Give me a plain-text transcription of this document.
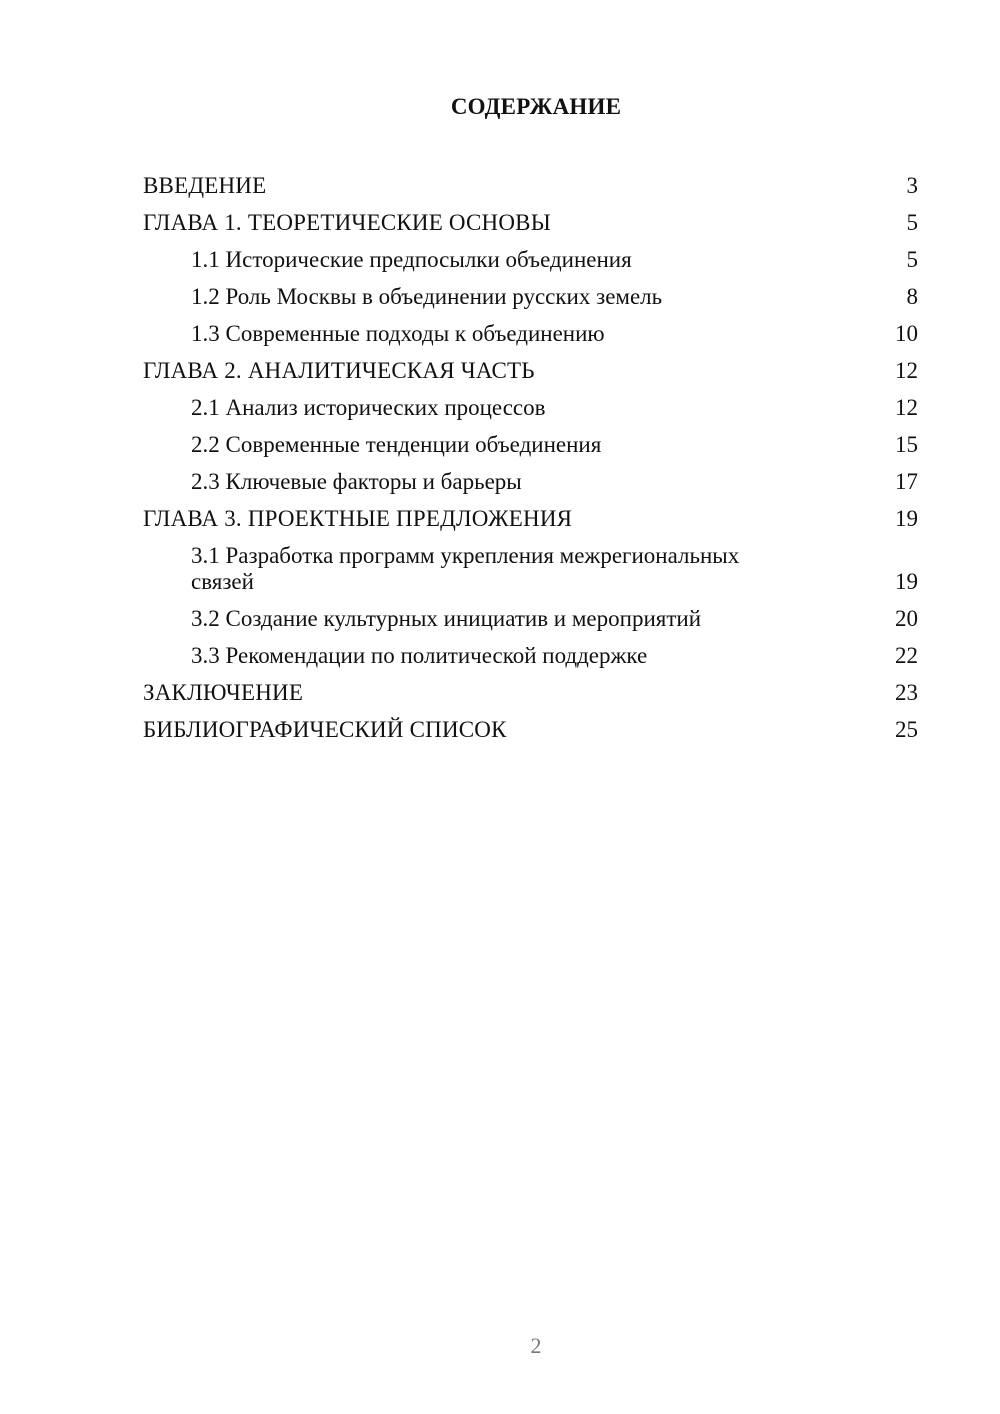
СОДЕРЖАНИЕ
ВВЕДЕНИЕ	3
ГЛАВА 1. ТЕОРЕТИЧЕСКИЕ ОСНОВЫ	5
1.1 Исторические предпосылки объединения	5
1.2 Роль Москвы в объединении русских земель	8
1.3 Современные подходы к объединению	10
ГЛАВА 2. АНАЛИТИЧЕСКАЯ ЧАСТЬ	12
2.1 Анализ исторических процессов	12
2.2 Современные тенденции объединения	15
2.3 Ключевые факторы и барьеры	17
ГЛАВА 3. ПРОЕКТНЫЕ ПРЕДЛОЖЕНИЯ	19
3.1 Разработка программ укрепления межрегиональных связей	19
3.2 Создание культурных инициатив и мероприятий	20
3.3 Рекомендации по политической поддержке	22
ЗАКЛЮЧЕНИЕ	23
БИБЛИОГРАФИЧЕСКИЙ СПИСОК	25
2
